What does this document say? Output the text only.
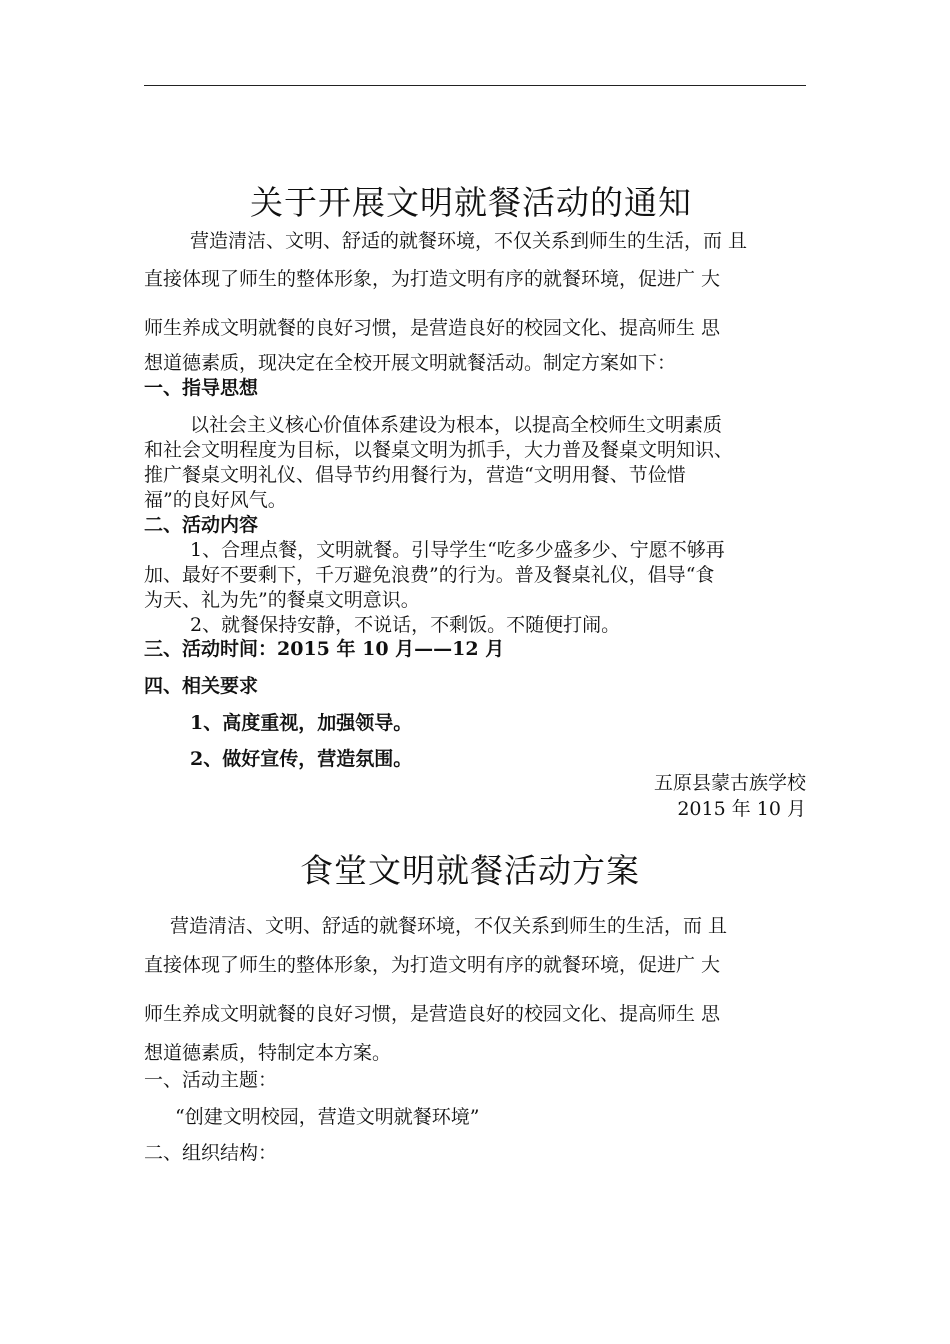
关于开展文明就餐活动的通知
营造清洁、文明、舒适的就餐环境，不仅关系到师生的生活，而 且
直接体现了师生的整体形象，为打造文明有序的就餐环境，促进广 大
师生养成文明就餐的良好习惯，是营造良好的校园文化、提高师生 思
想道德素质，现决定在全校开展文明就餐活动。制定方案如下：
一、指导思想
以社会主义核心价值体系建设为根本，以提高全校师生文明素质
和社会文明程度为目标，以餐桌文明为抓手，大力普及餐桌文明知识、
推广餐桌文明礼仪、倡导节约用餐行为，营造“文明用餐、节俭惜
福”的良好风气。
二、活动内容
1、合理点餐，文明就餐。引导学生“吃多少盛多少、宁愿不够再
加、最好不要剩下，千万避免浪费”的行为。普及餐桌礼仪，倡导“食
为天、礼为先”的餐桌文明意识。
2、就餐保持安静，不说话，不剩饭。不随便打闹。
三、活动时间：2015 年 10 月——12 月
四、相关要求
1、高度重视，加强领导。
2、做好宣传，营造氛围。
五原县蒙古族学校
2015 年 10 月
食堂文明就餐活动方案
营造清洁、文明、舒适的就餐环境，不仅关系到师生的生活，而 且
直接体现了师生的整体形象，为打造文明有序的就餐环境，促进广 大
师生养成文明就餐的良好习惯，是营造良好的校园文化、提高师生 思
想道德素质，特制定本方案。
一、活动主题：
“创建文明校园，营造文明就餐环境”
二、组织结构：
